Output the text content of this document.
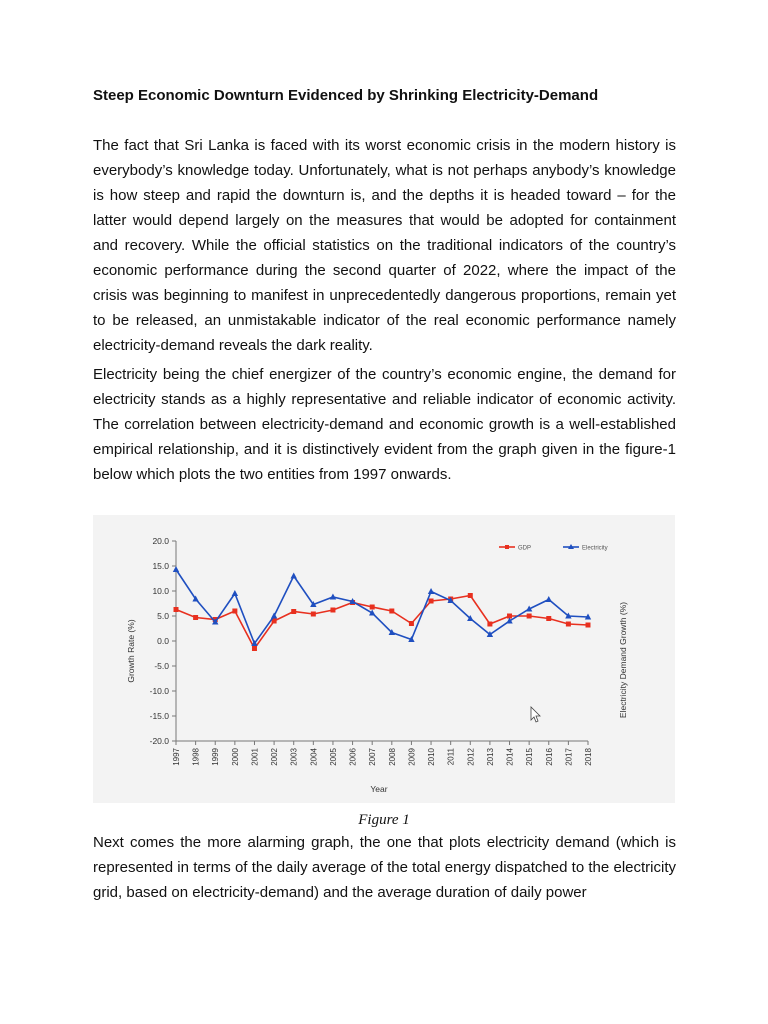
Steep Economic Downturn Evidenced by Shrinking Electricity-Demand
The fact that Sri Lanka is faced with its worst economic crisis in the modern history is everybody’s knowledge today. Unfortunately, what is not perhaps anybody’s knowledge is how steep and rapid the downturn is, and the depths it is headed toward – for the latter would depend largely on the measures that would be adopted for containment and recovery. While the official statistics on the traditional indicators of the country’s economic performance during the second quarter of 2022, where the impact of the crisis was beginning to manifest in unprecedentedly dangerous proportions, remain yet to be released, an unmistakable indicator of the real economic performance namely electricity-demand reveals the dark reality.
Electricity being the chief energizer of the country’s economic engine, the demand for electricity stands as a highly representative and reliable indicator of economic activity. The correlation between electricity-demand and economic growth is a well-established empirical relationship, and it is distinctively evident from the graph given in the figure-1 below which plots the two entities from 1997 onwards.
20.0
15.0
10.0
5.0
0.0
-5.0
-10.0
-15.0
-20.0
1997 1998 1999 2000 2001 2002 2003 2004 2005 2006 2007 2008 2009 2010 2011 2012 2013 2014 2015 2016 2017 2018
GDP	Electricity
Growth Rate (%)	Electricity Demand Growth (%)
Year
Figure 1
Next comes the more alarming graph, the one that plots electricity demand (which is represented in terms of the daily average of the total energy dispatched to the electricity grid, based on electricity-demand) and the average duration of daily power
